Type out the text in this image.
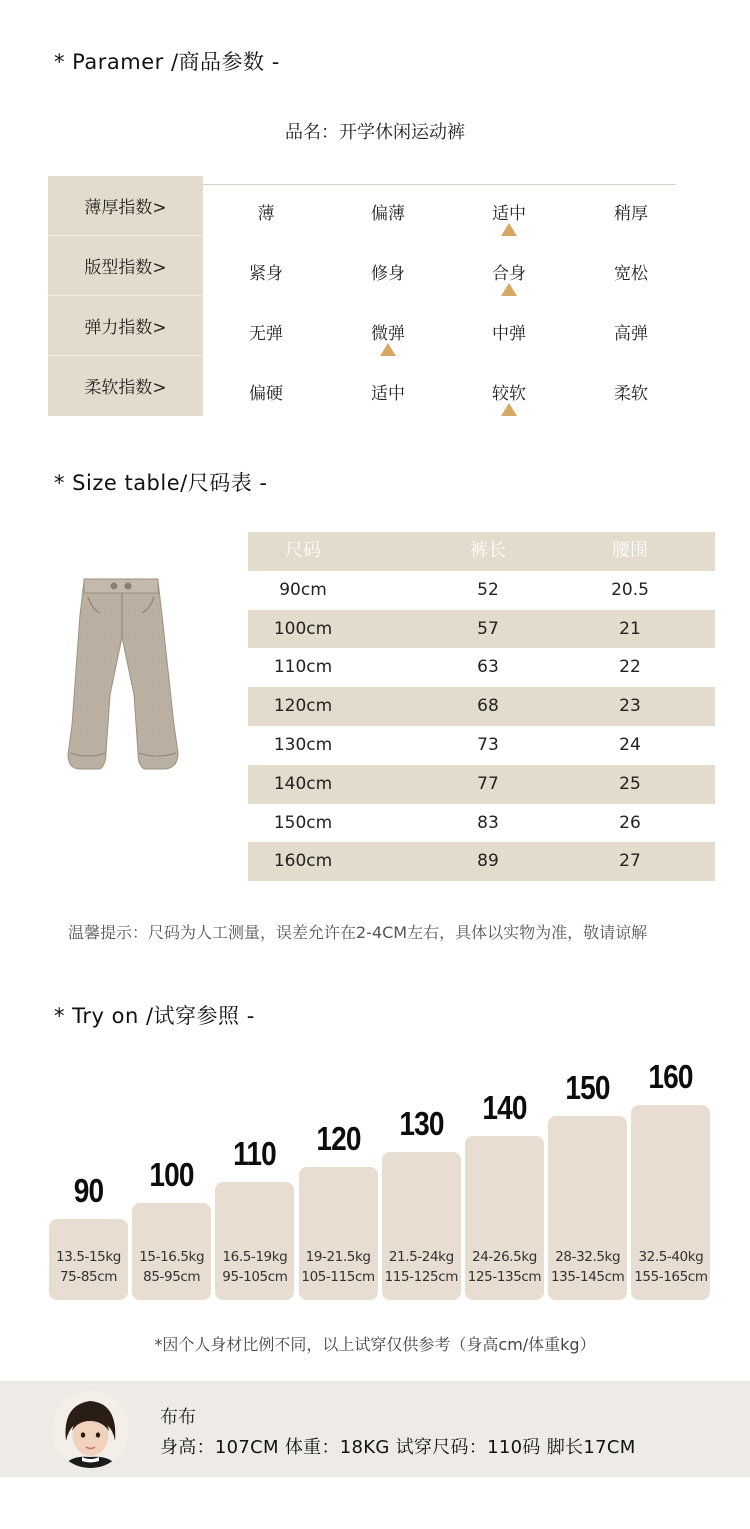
* Paramer /商品参数 -
品名：开学休闲运动裤
薄厚指数>	薄	偏薄	适中	稍厚
版型指数>	紧身	修身	合身	宽松
弹力指数>	无弹	微弹	中弹	高弹
柔软指数>	偏硬	适中	较软	柔软
* Size table/尺码表 -
尺码	裤长	腰围
90cm	52	20.5
100cm	57	21
110cm	63	22
120cm	68	23
130cm	73	24
140cm	77	25
150cm	83	26
160cm	89	27
温馨提示：尺码为人工测量，误差允许在2-4CM左右，具体以实物为准，敬请谅解
* Try on /试穿参照 -
13.5-15kg
75-85cm
90
15-16.5kg
85-95cm
100
16.5-19kg
95-105cm
110
19-21.5kg
105-115cm
120
21.5-24kg
115-125cm
130
24-26.5kg
125-135cm
140
28-32.5kg
135-145cm
150
32.5-40kg
155-165cm
160
*因个人身材比例不同，以上试穿仅供参考（身高cm/体重kg）
布布
身高：107CM 体重：18KG 试穿尺码：110码 脚长17CM
